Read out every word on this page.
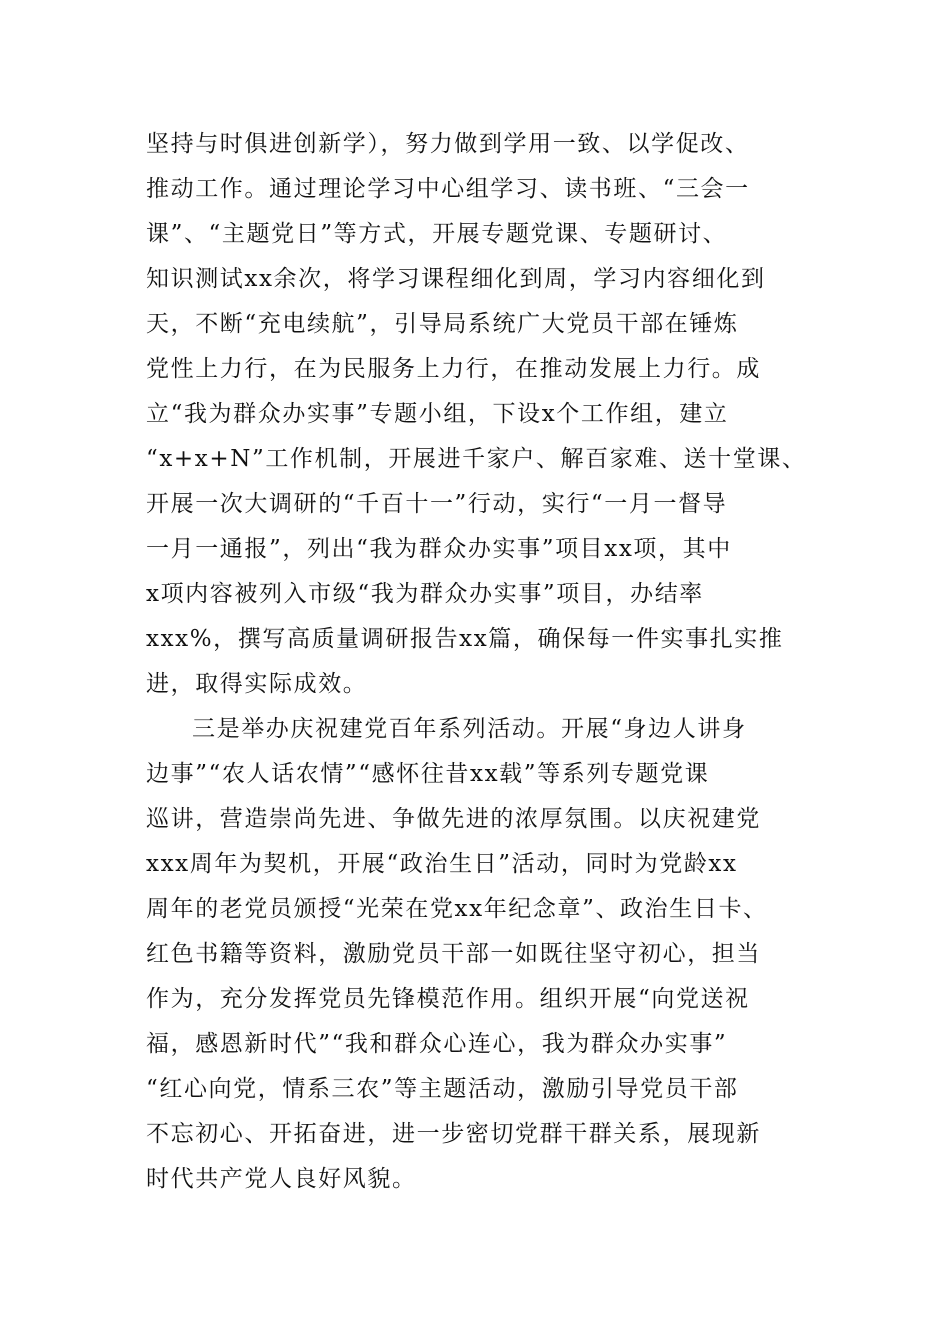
坚持与时俱进创新学），努力做到学用一致、以学促改、
推动工作。通过理论学习中心组学习、读书班、“三会一
课”、“主题党日”等方式，开展专题党课、专题研讨、
知识测试xx余次，将学习课程细化到周，学习内容细化到
天，不断“充电续航”，引导局系统广大党员干部在锤炼
党性上力行，在为民服务上力行，在推动发展上力行。成
立“我为群众办实事”专题小组，下设x个工作组，建立
“x+x+N”工作机制，开展进千家户、解百家难、送十堂课、
开展一次大调研的“千百十一”行动，实行“一月一督导
一月一通报”，列出“我为群众办实事”项目xx项，其中
x项内容被列入市级“我为群众办实事”项目，办结率
xxx%，撰写高质量调研报告xx篇，确保每一件实事扎实推
进，取得实际成效。
三是举办庆祝建党百年系列活动。开展“身边人讲身
边事”“农人话农情”“感怀往昔xx载”等系列专题党课
巡讲，营造崇尚先进、争做先进的浓厚氛围。以庆祝建党
xxx周年为契机，开展“政治生日”活动，同时为党龄xx
周年的老党员颁授“光荣在党xx年纪念章”、政治生日卡、
红色书籍等资料，激励党员干部一如既往坚守初心，担当
作为，充分发挥党员先锋模范作用。组织开展“向党送祝
福，感恩新时代”“我和群众心连心，我为群众办实事”
“红心向党，情系三农”等主题活动，激励引导党员干部
不忘初心、开拓奋进，进一步密切党群干群关系，展现新
时代共产党人良好风貌。
